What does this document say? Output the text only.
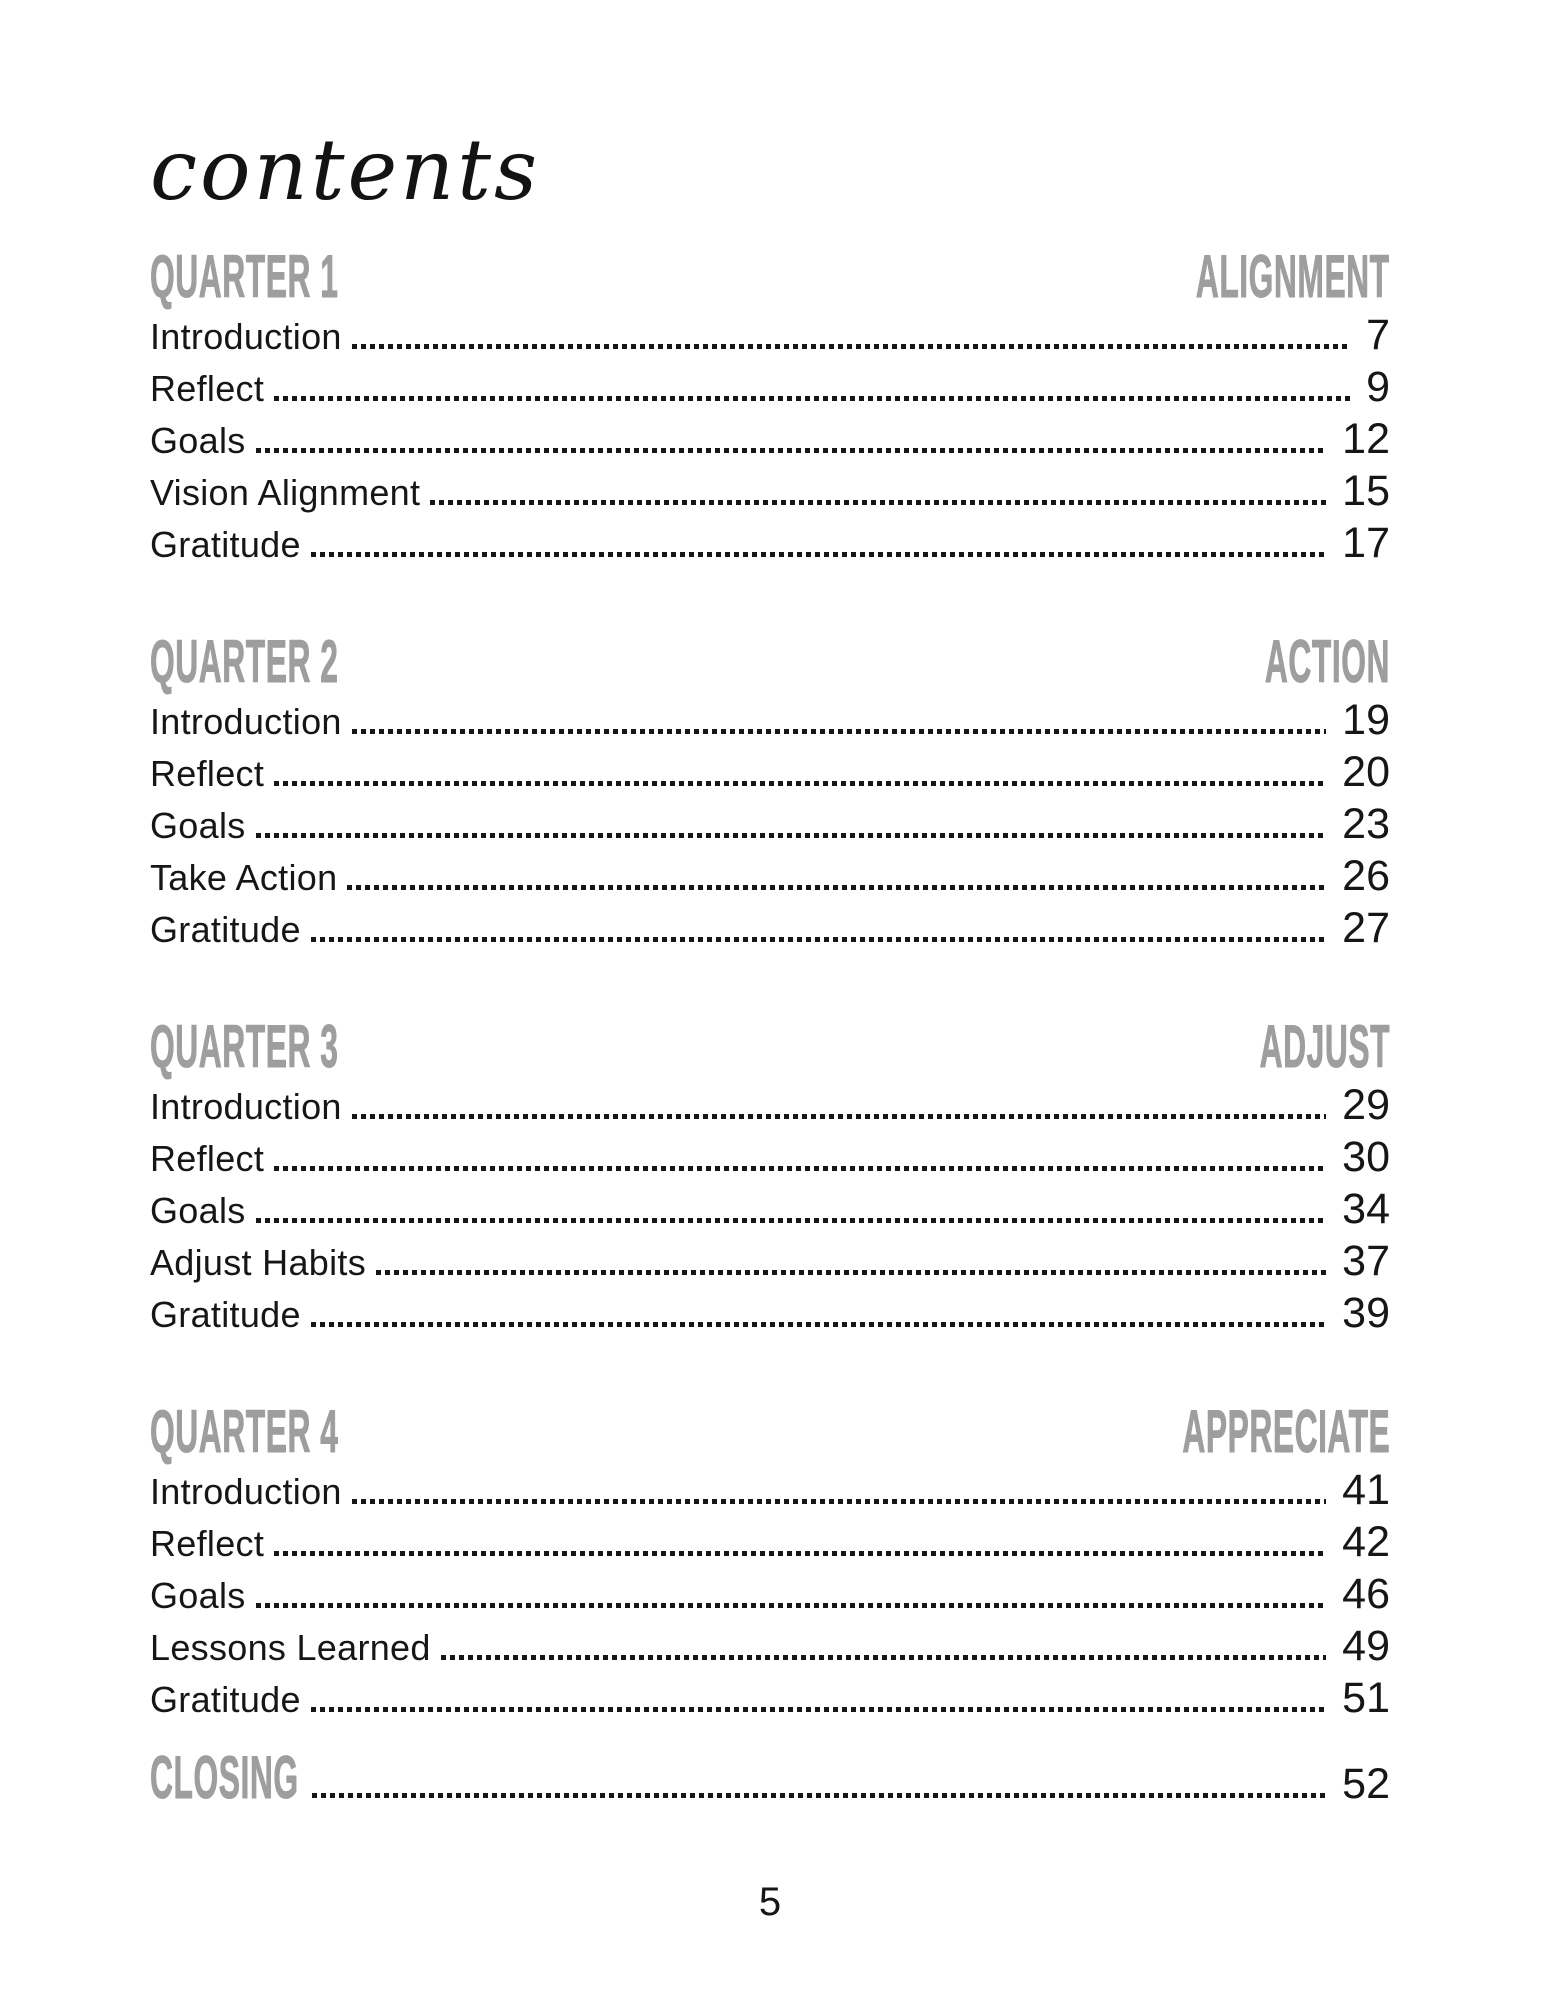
contents
QUARTER 1	ALIGNMENT
Introduction	7
Reflect	9
Goals	12
Vision Alignment	15
Gratitude	17
QUARTER 2	ACTION
Introduction	19
Reflect	20
Goals	23
Take Action	26
Gratitude	27
QUARTER 3	ADJUST
Introduction	29
Reflect	30
Goals	34
Adjust Habits	37
Gratitude	39
QUARTER 4	APPRECIATE
Introduction	41
Reflect	42
Goals	46
Lessons Learned	49
Gratitude	51
CLOSING	52
5
